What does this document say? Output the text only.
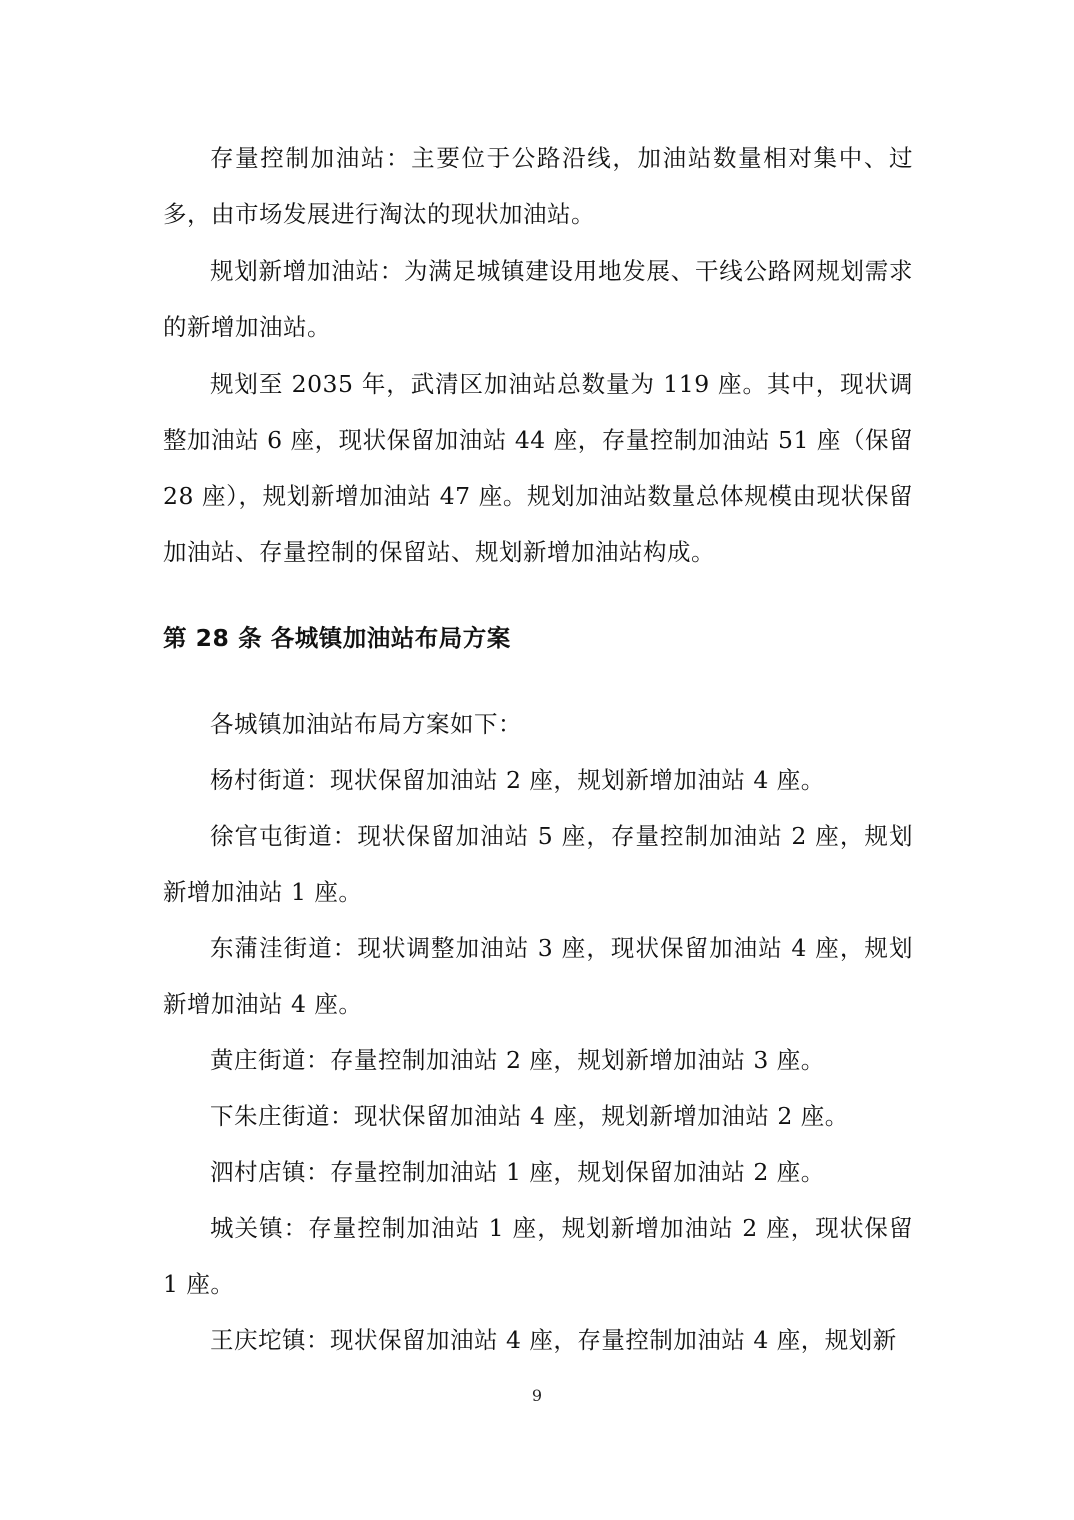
存量控制加油站：主要位于公路沿线，加油站数量相对集中、过多，由市场发展进行淘汰的现状加油站。

规划新增加油站：为满足城镇建设用地发展、干线公路网规划需求的新增加油站。

规划至 2035 年，武清区加油站总数量为 119 座。其中，现状调整加油站 6 座，现状保留加油站 44 座，存量控制加油站 51 座（保留 28 座），规划新增加油站 47 座。规划加油站数量总体规模由现状保留加油站、存量控制的保留站、规划新增加油站构成。

第 28 条 各城镇加油站布局方案

各城镇加油站布局方案如下：

杨村街道：现状保留加油站 2 座，规划新增加油站 4 座。

徐官屯街道：现状保留加油站 5 座，存量控制加油站 2 座，规划新增加油站 1 座。

东蒲洼街道：现状调整加油站 3 座，现状保留加油站 4 座，规划新增加油站 4 座。

黄庄街道：存量控制加油站 2 座，规划新增加油站 3 座。

下朱庄街道：现状保留加油站 4 座，规划新增加油站 2 座。

泗村店镇：存量控制加油站 1 座，规划保留加油站 2 座。

城关镇：存量控制加油站 1 座，规划新增加油站 2 座，现状保留 1 座。

王庆坨镇：现状保留加油站 4 座，存量控制加油站 4 座，规划新

9
